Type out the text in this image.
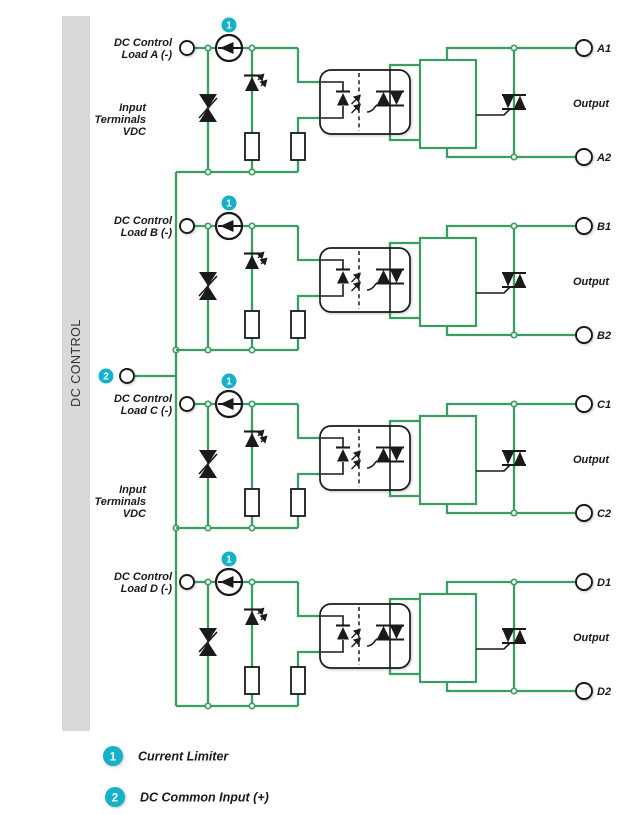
DC CONTROL 2
DC Control
Load A (-)
1
A1
Output
A2
Input
Terminals
VDC
DC Control
Load B (-)
1
B1
Output
B2
DC Control
Load C (-)
1
C1
Output
C2
Input
Terminals
VDC
DC Control
Load D (-)
1
D1
Output
D2
1 Current Limiter
2 DC Common Input (+)
